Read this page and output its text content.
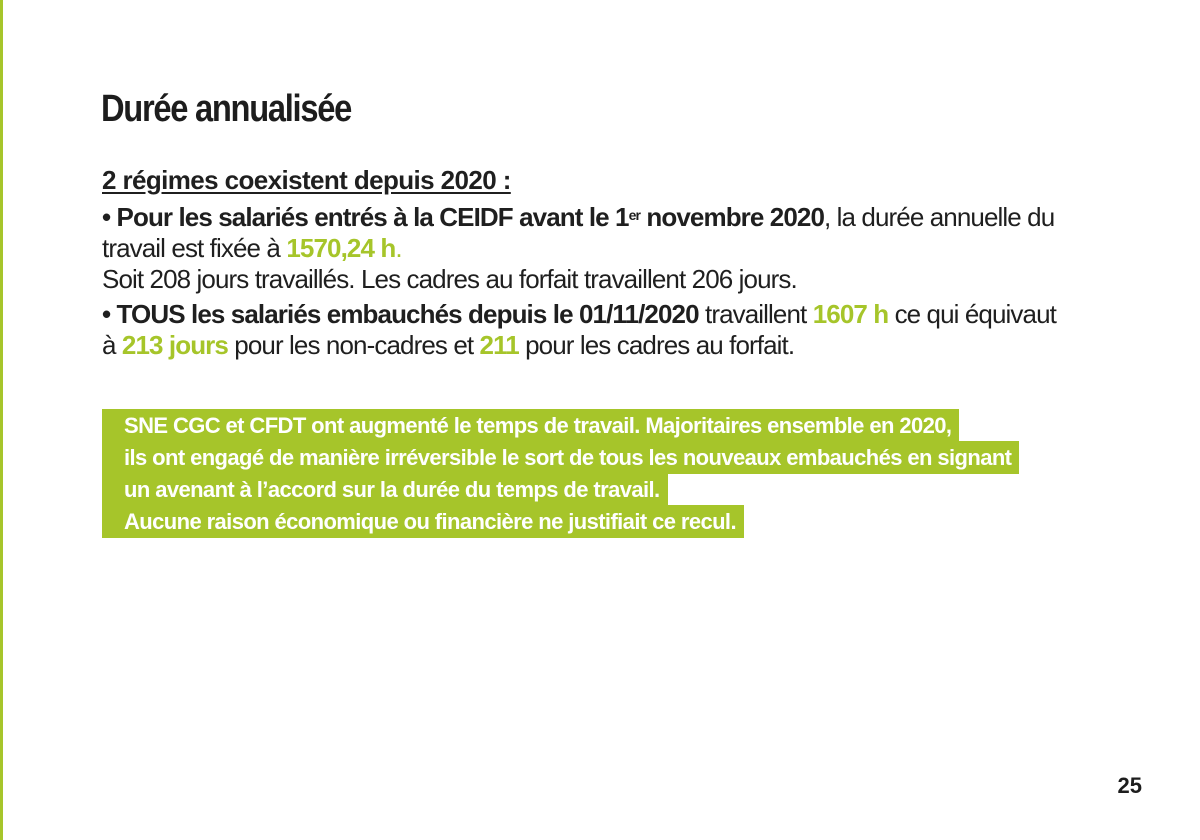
Durée annualisée
2 régimes coexistent depuis 2020 :
• Pour les salariés entrés à la CEIDF avant le 1er novembre 2020, la durée annuelle du
travail est fixée à 1570,24 h.
Soit 208 jours travaillés. Les cadres au forfait travaillent 206 jours.
• TOUS les salariés embauchés depuis le 01/11/2020 travaillent 1607 h ce qui équivaut
à 213 jours pour les non-cadres et 211 pour les cadres au forfait.
SNE CGC et CFDT ont augmenté le temps de travail. Majoritaires ensemble en 2020,
ils ont engagé de manière irréversible le sort de tous les nouveaux embauchés en signant
un avenant à l’accord sur la durée du temps de travail.
Aucune raison économique ou financière ne justifiait ce recul.
25
